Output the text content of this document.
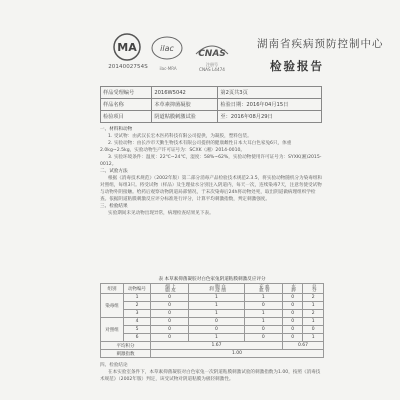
MA
2014002754S
ilac
ilac-MRA
CNAS
注册号
CNAS L4474
湖南省疾病预防控制中心
检验报告
样品受理编号	2016W5042	第2页共3页
样品名称	本草素抑菌凝胶	检验日期：2016年04月15日
检验项目	阴道粘膜刺激试验	至：2016年08月29日

一、材料和动物

1. 受试物：由武汉长宏木医药科技有限公司提供，为凝胶，塑料包装。

2. 实验动物：由长沙市天勤生物技术有限公司提供的健康雌性日本大耳白色家兔6只，体重2.0kg~2.5kg，实验动物生产许可证号为：SCXK（湘）2014-0010。

3. 实验环境条件：温度：22℃~24℃，湿度：58%~62%，实验动物使用许可证号为：SYXK(湘)2015-0012。

二、试验方法

根据《消毒技术规范》（2002年版）第二部分消毒产品检验技术规范2.3.5，将实验动物随机分为染毒组和对照组，每组3只。将受试物（样品）及生理盐水分别注入阴道内，每天一次，连续染毒7天，注意勿使受试物与动物外阴接触。给药后观察动物阴道局部情况，于末次染毒后24h将动物处死，取出阴道做病理组织学检查。依据阴道粘膜刺激反应评分标准进行评分，计算平均刺激指数，判定刺激强度。

三、检验结果

实验期间未见动物出现异常，病理检查结果见下表。

表 本草素抑菌凝胶对白色家兔阴道粘膜刺激反应评分
组别	动物编号	上皮细胞	白细胞浸润	血管充血	水肿	总分

染毒组	1	0	1	1	0	2
	2	0	1	0	0	1
	3	0	1	1	0	2
对照组	4	0	0	1	0	1
	5	0	0	0	0	0
	6	0	1	0	0	1
平均积分		1.67			0.67	
刺激指数		1.00				

四、检验结论

在本实验室条件下，本草素抑菌凝胶对白色家兔一次阴道粘膜刺激试验的刺激指数为1.00，按照《消毒技术规范》（2002年版）判定，该受试物对阴道粘膜为极轻刺激性。
